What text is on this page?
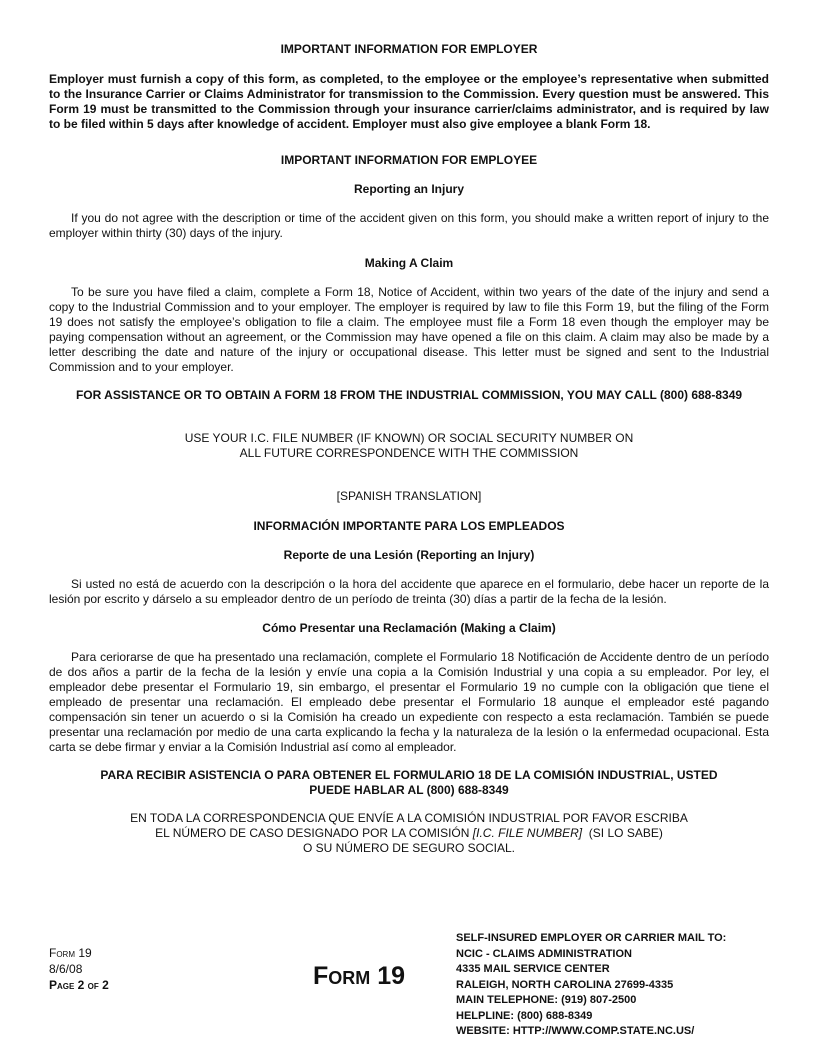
IMPORTANT INFORMATION FOR EMPLOYER
Employer must furnish a copy of this form, as completed, to the employee or the employee’s representative when submitted to the Insurance Carrier or Claims Administrator for transmission to the Commission. Every question must be answered. This Form 19 must be transmitted to the Commission through your insurance carrier/claims administrator, and is required by law to be filed within 5 days after knowledge of accident. Employer must also give employee a blank Form 18.
IMPORTANT INFORMATION FOR EMPLOYEE
Reporting an Injury
If you do not agree with the description or time of the accident given on this form, you should make a written report of injury to the employer within thirty (30) days of the injury.
Making A Claim
To be sure you have filed a claim, complete a Form 18, Notice of Accident, within two years of the date of the injury and send a copy to the Industrial Commission and to your employer. The employer is required by law to file this Form 19, but the filing of the Form 19 does not satisfy the employee’s obligation to file a claim. The employee must file a Form 18 even though the employer may be paying compensation without an agreement, or the Commission may have opened a file on this claim. A claim may also be made by a letter describing the date and nature of the injury or occupational disease. This letter must be signed and sent to the Industrial Commission and to your employer.
FOR ASSISTANCE OR TO OBTAIN A FORM 18 FROM THE INDUSTRIAL COMMISSION, YOU MAY CALL (800) 688-8349
USE YOUR I.C. FILE NUMBER (IF KNOWN) OR SOCIAL SECURITY NUMBER ON
ALL FUTURE CORRESPONDENCE WITH THE COMMISSION
[SPANISH TRANSLATION]
INFORMACIÓN IMPORTANTE PARA LOS EMPLEADOS
Reporte de una Lesión (Reporting an Injury)
Si usted no está de acuerdo con la descripción o la hora del accidente que aparece en el formulario, debe hacer un reporte de la lesión por escrito y dárselo a su empleador dentro de un período de treinta (30) días a partir de la fecha de la lesión.
Cómo Presentar una Reclamación (Making a Claim)
Para ceriorarse de que ha presentado una reclamación, complete el Formulario 18 Notificación de Accidente dentro de un período de dos años a partir de la fecha de la lesión y envíe una copia a la Comisión Industrial y una copia a su empleador. Por ley, el empleador debe presentar el Formulario 19, sin embargo, el presentar el Formulario 19 no cumple con la obligación que tiene el empleado de presentar una reclamación. El empleado debe presentar el Formulario 18 aunque el empleador esté pagando compensación sin tener un acuerdo o si la Comisión ha creado un expediente con respecto a esta reclamación. También se puede presentar una reclamación por medio de una carta explicando la fecha y la naturaleza de la lesión o la enfermedad ocupacional. Esta carta se debe firmar y enviar a la Comisión Industrial así como al empleador.
PARA RECIBIR ASISTENCIA O PARA OBTENER EL FORMULARIO 18 DE LA COMISIÓN INDUSTRIAL, USTED
PUEDE HABLAR AL (800) 688-8349
EN TODA LA CORRESPONDENCIA QUE ENVÍE A LA COMISIÓN INDUSTRIAL POR FAVOR ESCRIBA
EL NÚMERO DE CASO DESIGNADO POR LA COMISIÓN [I.C. FILE NUMBER]  (SI LO SABE)
O SU NÚMERO DE SEGURO SOCIAL.
Form 19
8/6/08
Page 2 of 2	Form 19
SELF-INSURED EMPLOYER OR CARRIER MAIL TO:
NCIC - CLAIMS ADMINISTRATION
4335 MAIL SERVICE CENTER
RALEIGH, NORTH CAROLINA 27699-4335
MAIN TELEPHONE: (919) 807-2500
HELPLINE: (800) 688-8349
WEBSITE: HTTP://WWW.COMP.STATE.NC.US/
